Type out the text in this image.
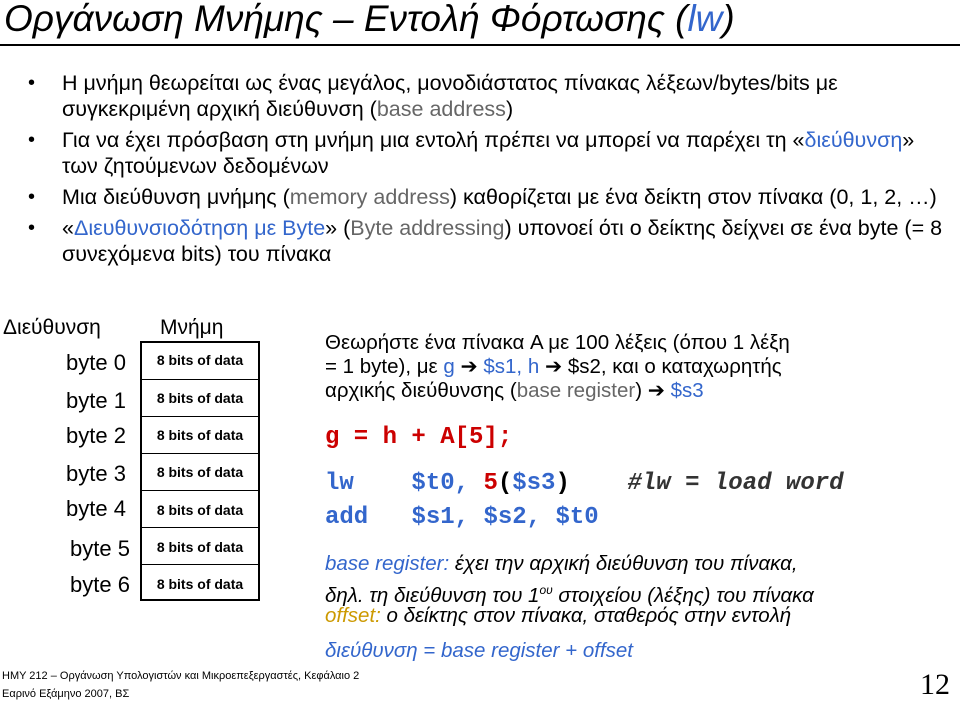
Οργάνωση Μνήμης – Εντολή Φόρτωσης (lw)
• Η μνήμη θεωρείται ως ένας μεγάλος, μονοδιάστατος πίνακας λέξεων/bytes/bits με συγκεκριμένη αρχική διεύθυνση (base address)
• Για να έχει πρόσβαση στη μνήμη μια εντολή πρέπει να μπορεί να παρέχει τη «διεύθυνση» των ζητούμενων δεδομένων
• Μια διεύθυνση μνήμης (memory address) καθορίζεται με ένα δείκτη στον πίνακα (0, 1, 2, …)
• «Διευθυνσιοδότηση με Byte» (Byte addressing) υπονοεί ότι ο δείκτης δείχνει σε ένα byte (= 8 συνεχόμενα bits) του πίνακα
Διεύθυνση	Μνήμη
byte 0
byte 1
byte 2
byte 3
byte 4
byte 5
byte 6
8 bits of data
8 bits of data
8 bits of data
8 bits of data
8 bits of data
8 bits of data
8 bits of data
Θεωρήστε ένα πίνακα A με 100 λέξεις (όπου 1 λέξη
= 1 byte), με g ➔ $s1, h ➔ $s2, και ο καταχωρητής
αρχικής διεύθυνσης (base register) ➔ $s3
g = h + A[5];
lw $t0, 5($s3) #lw = load word
add $s1, $s2, $t0
base register: έχει την αρχική διεύθυνση του πίνακα,
δηλ. τη διεύθυνση του $1^{o\upsilon}$ στοιχείου (λέξης) του πίνακα
offset: ο δείκτης στον πίνακα, σταθερός στην εντολή
διεύθυνση = base register + offset
ΗΜΥ 212 – Οργάνωση Υπολογιστών και Μικροεπεξεργαστές, Κεφάλαιο 2
Εαρινό Εξάμηνο 2007, ΒΣ	12
